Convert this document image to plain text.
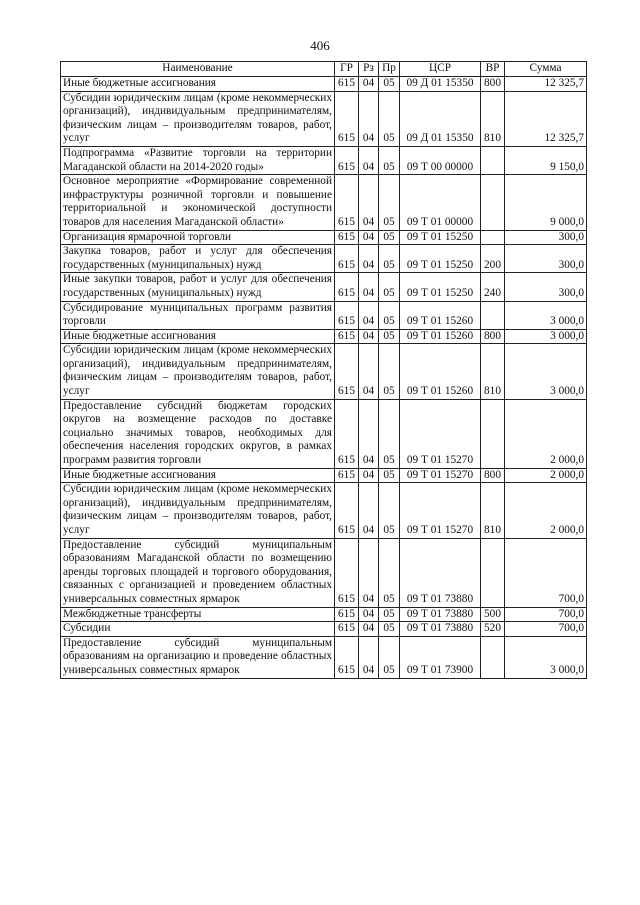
406
Наименование	ГР	Рз	Пр	ЦСР	ВР	Сумма
Иные бюджетные ассигнования	615	04	05	09 Д 01 15350	800	12 325,7
Субсидии юридическим лицам (кроме некоммерческих организаций), индивидуальным предпринимателям, физическим лицам – производителям товаров, работ, услуг	615	04	05	09 Д 01 15350	810	12 325,7
Подпрограмма «Развитие торговли на территории Магаданской области на 2014-2020 годы»	615	04	05	09 Т 00 00000		9 150,0
Основное мероприятие «Формирование современной инфраструктуры розничной торговли и повышение территориальной и экономической доступности товаров для населения Магаданской области»	615	04	05	09 Т 01 00000		9 000,0
Организация ярмарочной торговли	615	04	05	09 Т 01 15250		300,0
Закупка товаров, работ и услуг для обеспечения государственных (муниципальных) нужд	615	04	05	09 Т 01 15250	200	300,0
Иные закупки товаров, работ и услуг для обеспечения государственных (муниципальных) нужд	615	04	05	09 Т 01 15250	240	300,0
Субсидирование муниципальных программ развития торговли	615	04	05	09 Т 01 15260		3 000,0
Иные бюджетные ассигнования	615	04	05	09 Т 01 15260	800	3 000,0
Субсидии юридическим лицам (кроме некоммерческих организаций), индивидуальным предпринимателям, физическим лицам – производителям товаров, работ, услуг	615	04	05	09 Т 01 15260	810	3 000,0
Предоставление субсидий бюджетам городских округов на возмещение расходов по доставке социально значимых товаров, необходимых для обеспечения населения городских округов, в рамках программ развития торговли	615	04	05	09 Т 01 15270		2 000,0
Иные бюджетные ассигнования	615	04	05	09 Т 01 15270	800	2 000,0
Субсидии юридическим лицам (кроме некоммерческих организаций), индивидуальным предпринимателям, физическим лицам – производителям товаров, работ, услуг	615	04	05	09 Т 01 15270	810	2 000,0
Предоставление субсидий муниципальным образованиям Магаданской области по возмещению аренды торговых площадей и торгового оборудования, связанных с организацией и проведением областных универсальных совместных ярмарок	615	04	05	09 Т 01 73880		700,0
Межбюджетные трансферты	615	04	05	09 Т 01 73880	500	700,0
Субсидии	615	04	05	09 Т 01 73880	520	700,0
Предоставление субсидий муниципальным образованиям на организацию и проведение областных универсальных совместных ярмарок	615	04	05	09 Т 01 73900		3 000,0
